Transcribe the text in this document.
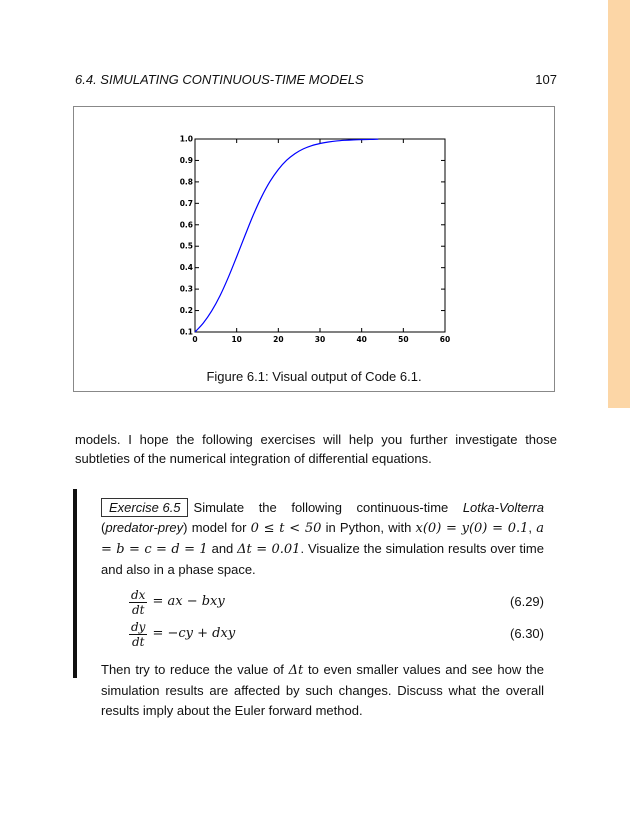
6.4. SIMULATING CONTINUOUS-TIME MODELS	107
0	10	20	30	40	50	60
0.1
0.2
0.3
0.4
0.5
0.6
0.7
0.8
0.9
1.0
Figure 6.1: Visual output of Code 6.1.
models. I hope the following exercises will help you further investigate those subtleties of the numerical integration of differential equations.
Exercise 6.5 Simulate the following continuous-time Lotka-Volterra (predator-prey) model for 0 ≤ t < 50 in Python, with x(0) = y(0) = 0.1, a = b = c = d = 1 and Δt = 0.01. Visualize the simulation results over time and also in a phase space.
$\frac{dx}{dt}$ = ax − bxy	(6.29)
$\frac{dy}{dt} = -cy$ + dxy	(6.30)
Then try to reduce the value of Δt to even smaller values and see how the simulation results are affected by such changes. Discuss what the overall results imply about the Euler forward method.
